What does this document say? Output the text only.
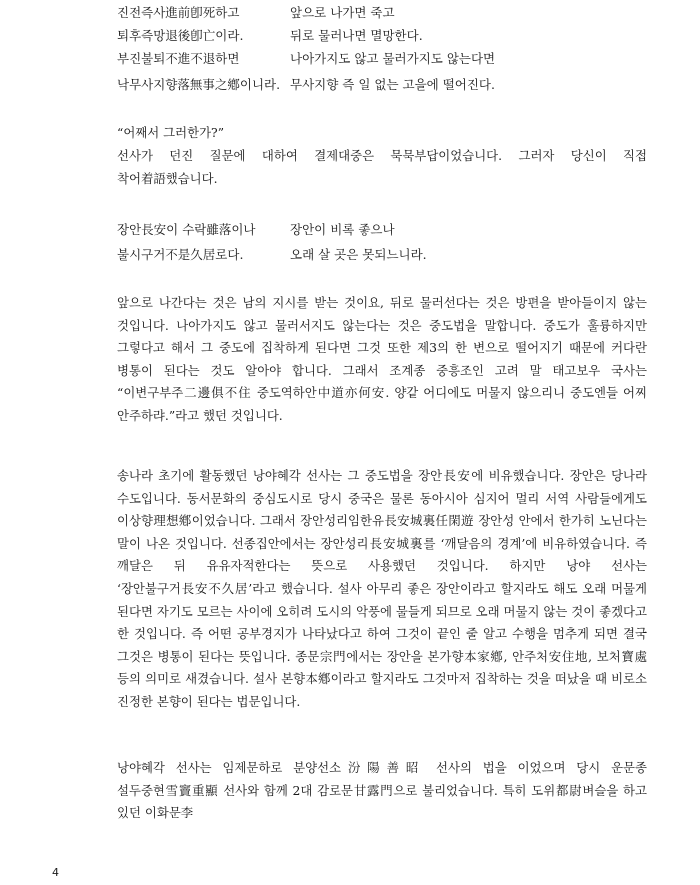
진전즉사進前卽死하고	앞으로 나가면 죽고
퇴후즉망退後卽亡이라.	뒤로 물러나면 멸망한다.
부진불퇴不進不退하면	나아가지도 않고 물러가지도 않는다면
낙무사지향落無事之鄕이니라. 무사지향 즉 일 없는 고을에 떨어진다.

“어째서 그러한가?”

선사가 던진 질문에 대하여 결제대중은 묵묵부답이었습니다. 그러자 당신이 직접 착어着語했습니다.

장안長安이 수락雖落이나	장안이 비록 좋으나
불시구거不是久居로다.	오래 살 곳은 못되느니라.

앞으로 나간다는 것은 남의 지시를 받는 것이요, 뒤로 물러선다는 것은 방편을 받아들이지 않는 것입니다. 나아가지도 않고 물러서지도 않는다는 것은 중도법을 말합니다. 중도가 훌륭하지만 그렇다고 해서 그 중도에 집착하게 된다면 그것 또한 제3의 한 변으로 떨어지기 때문에 커다란 병통이 된다는 것도 알아야 합니다. 그래서 조계종 중흥조인 고려 말 태고보우 국사는 “이변구부주二邊俱不住 중도역하안中道亦何安. 양같 어디에도 머물지 않으리니 중도엔들 어찌 안주하랴.”라고 했던 것입니다.

송나라 초기에 활동했던 낭야혜각 선사는 그 중도법을 장안長安에 비유했습니다. 장안은 당나라 수도입니다. 동서문화의 중심도시로 당시 중국은 물론 동아시아 심지어 멀리 서역 사람들에게도 이상향理想鄕이었습니다. 그래서 장안성리임한유長安城裏任閑遊 장안성 안에서 한가히 노닌다는 말이 나온 것입니다. 선종집안에서는 장안성리長安城裏를 ‘깨달음의 경계’에 비유하였습니다. 즉 깨달은 뒤 유유자적한다는 뜻으로 사용했던 것입니다. 하지만 낭야 선사는 ‘장안불구거長安不久居’라고 했습니다. 설사 아무리 좋은 장안이라고 할지라도 해도 오래 머물게 된다면 자기도 모르는 사이에 오히려 도시의 악풍에 물들게 되므로 오래 머물지 않는 것이 좋겠다고 한 것입니다. 즉 어떤 공부경지가 나타났다고 하여 그것이 끝인 줄 알고 수행을 멈추게 되면 결국 그것은 병통이 된다는 뜻입니다. 종문宗門에서는 장안을 본가향本家鄕, 안주처安住地, 보처寶處 등의 의미로 새겼습니다. 설사 본향本鄕이라고 할지라도 그것마저 집착하는 것을 떠났을 때 비로소 진정한 본향이 된다는 법문입니다.

낭야혜각 선사는 임제문하로 분양선소汾陽善昭 선사의 법을 이었으며 당시 운문종 설두중현雪竇重顯 선사와 함께 2대 감로문甘露門으로 불리었습니다. 특히 도위都尉벼슬을 하고 있던 이화문李

4
